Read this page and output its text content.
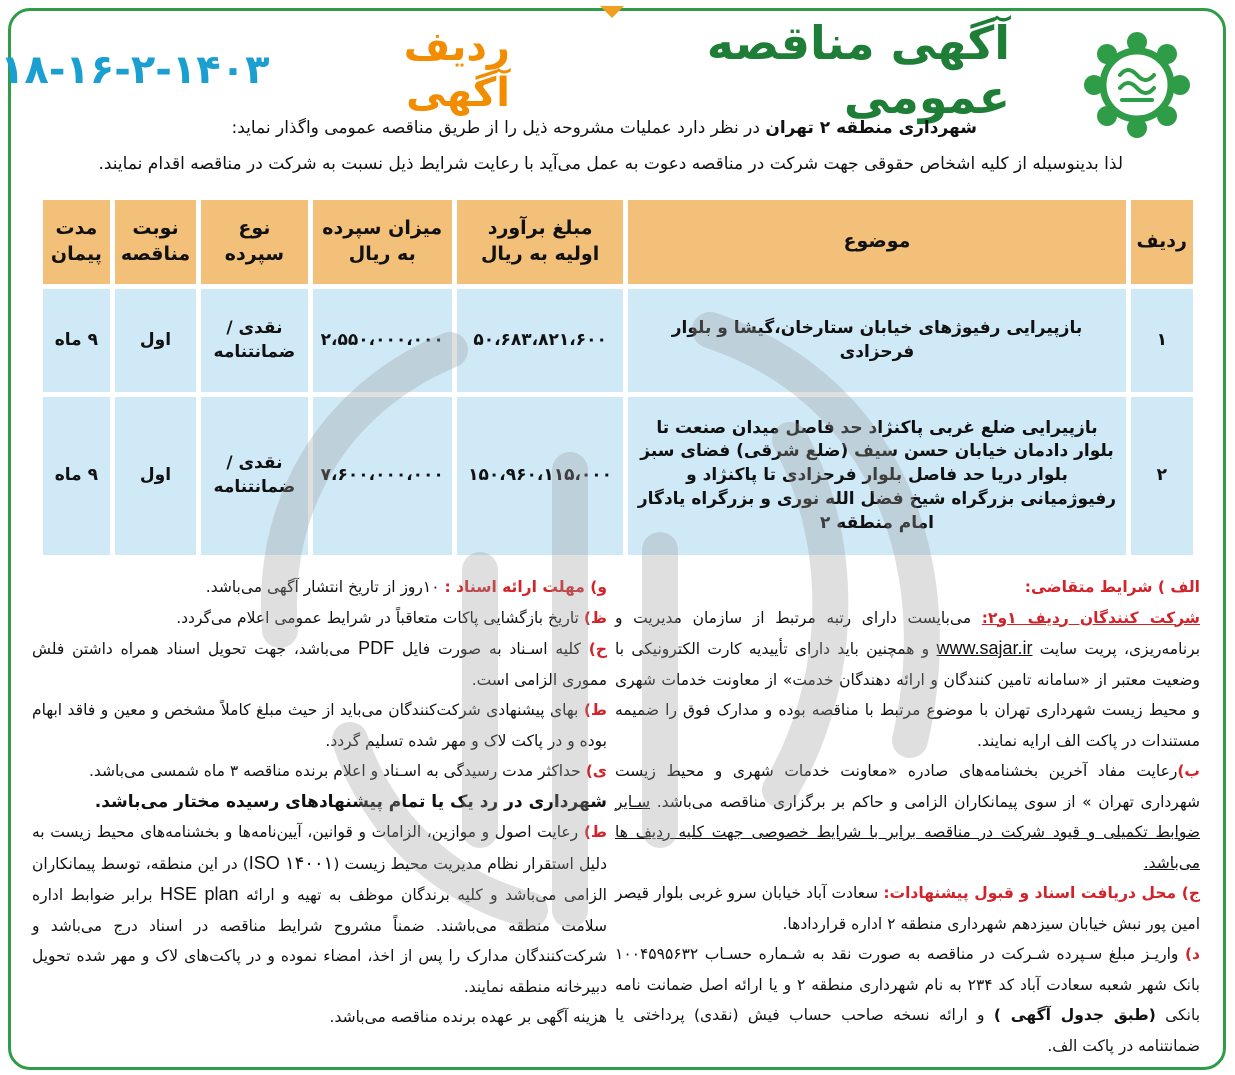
آگهی مناقصه عمومی
ردیف آگهی
۱۸-۱۶-۲-۱۴۰۳
شهرداری منطقه ۲ تهران در نظر دارد عملیات مشروحه ذیل را از طریق مناقصه عمومی واگذار نماید:
لذا بدینوسیله از کلیه اشخاص حقوقی جهت شرکت در مناقصه دعوت به عمل می‌آید با رعایت شرایط ذیل نسبت به شرکت در مناقصه اقدام نمایند.
ردیف	موضوع	مبلغ برآورد اولیه به ریال	میزان سپرده به ریال	نوع سپرده	نوبت مناقصه	مدت پیمان
۱	بازپیرایی رفیوژهای خیابان ستارخان،گیشا و بلوار فرحزادی	۵۰،۶۸۳،۸۲۱،۶۰۰	۲،۵۵۰،۰۰۰،۰۰۰	نقدی / ضمانتنامه	اول	۹ ماه
۲	بازپیرایی ضلع غربی پاکنژاد حد فاصل میدان صنعت تا بلوار دادمان خیابان حسن سیف (ضلع شرقی) فضای سبز بلوار دریا حد فاصل بلوار فرحزادی تا پاکنژاد و رفیوژمیانی بزرگراه شیخ فضل الله نوری و بزرگراه یادگار امام منطقه ۲	۱۵۰،۹۶۰،۱۱۵،۰۰۰	۷،۶۰۰،۰۰۰،۰۰۰	نقدی / ضمانتنامه	اول	۹ ماه

الف ) شرایط متقاضی:
شرکت کنندگان ردیف ۱و۲: می‌بایست دارای رتبه مرتبط از سازمان مدیریت و برنامه‌ریزی، پریت سایت www.sajar.ir و همچنین باید دارای تأییدیه کارت الکترونیکی با وضعیت معتبر از «سامانه تامین کنندگان و ارائه دهندگان خدمت» از معاونت خدمات شهری و محیط زیست شهرداری تهران با موضوع مرتبط با مناقصه بوده و مدارک فوق را ضمیمه مستندات در پاکت الف ارایه نمایند.

ب)رعایت مفاد آخرین بخشنامه‌های صادره «معاونت خدمات شهری و محیط زیست شهرداری تهران » از سوی پیمانکاران الزامی و حاکم بر برگزاری مناقصه می‌باشد. سـایر ضوابط تکمیلی و قیود شرکت در مناقصه برابر با شرایط خصوصی جهت کلیه ردیف ها می‌باشد.

ج) محل دریافت اسناد و قبول پیشنهادات: سعادت آباد خیابان سرو غربی بلوار قیصر امین پور نبش خیابان سیزدهم شهرداری منطقه ۲ اداره قراردادها.

د) واریـز مبلغ سـپرده شـرکت در مناقصه به صورت نقد به شـماره حسـاب ۱۰۰۴۵۹۵۶۳۲ بانک شهر شعبه سعادت آباد کد ۲۳۴ به نام شهرداری منطقه ۲ و یا ارائه اصل ضمانت نامه بانکی (طبق جدول آگهی ) و ارائه نسخه صاحب حساب فیش (نقدی) پرداختی یا ضمانتنامه در پاکت الف.

و) مهلت ارائه اسناد : ۱۰روز از تاریخ انتشار آگهی می‌باشد.

ظ) تاریخ بازگشایی پاکات متعاقباً در شرایط عمومی اعلام می‌گردد.

ح) کلیه اسـناد به صورت فایل PDF می‌باشد، جهت تحویل اسناد همراه داشتن فلش مموری الزامی است.

ط) بهای پیشنهادی شرکت‌کنندگان می‌باید از حیث مبلغ کاملاً مشخص و معین و فاقد ابهام بوده و در پاکت لاک و مهر شده تسلیم گردد.

ی) حداکثر مدت رسیدگی به اسـناد و اعلام برنده مناقصه ۳ ماه شمسی می‌باشد.
شهرداری در رد یک یا تمام پیشنهادهای رسیده مختار می‌باشد.

ط) رعایت اصول و موازین، الزامات و قوانین، آیین‌نامه‌ها و بخشنامه‌های محیط زیست به دلیل استقرار نظام مدیریت محیط زیست (ISO ۱۴۰۰۱) در این منطقه، توسط پیمانکاران الزامی می‌باشد و کلیه برندگان موظف به تهیه و ارائه HSE plan برابر ضوابط اداره سلامت منطقه می‌باشند. ضمناً مشروح شرایط مناقصه در اسناد درج می‌باشد و شرکت‌کنندگان مدارک را پس از اخذ، امضاء نموده و در پاکت‌های لاک و مهر شده تحویل دبیرخانه منطقه نمایند.

هزینه آگهی بر عهده برنده مناقصه می‌باشد.
